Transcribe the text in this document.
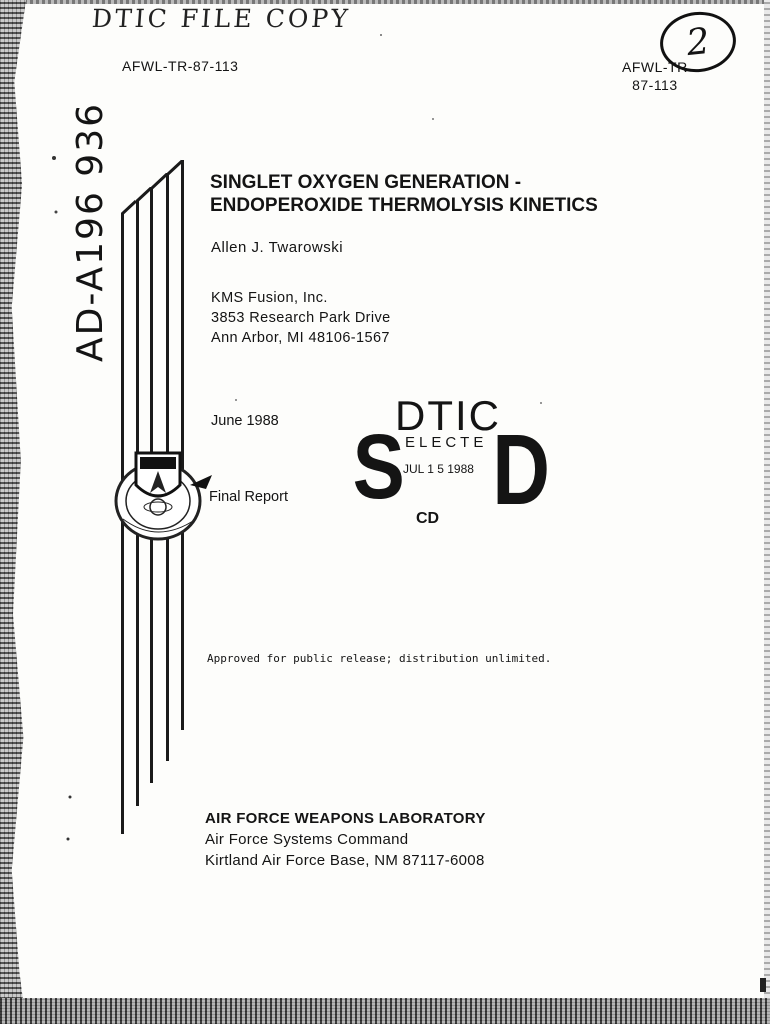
DTIC FILE COPY
2
AFWL-TR-87-113	AFWL-TR
87-113
AD-A196 936	SINGLET OXYGEN GENERATION -
ENDOPEROXIDE THERMOLYSIS KINETICS
Allen J. Twarowski
KMS Fusion, Inc.
3853 Research Park Drive
Ann Arbor, MI 48106-1567
June 1988
Final Report S
DTIC
ELECTE
JUL 1 5 1988 D
CD
Approved for public release; distribution unlimited.
AIR FORCE WEAPONS LABORATORY
Air Force Systems Command
Kirtland Air Force Base, NM 87117-6008
